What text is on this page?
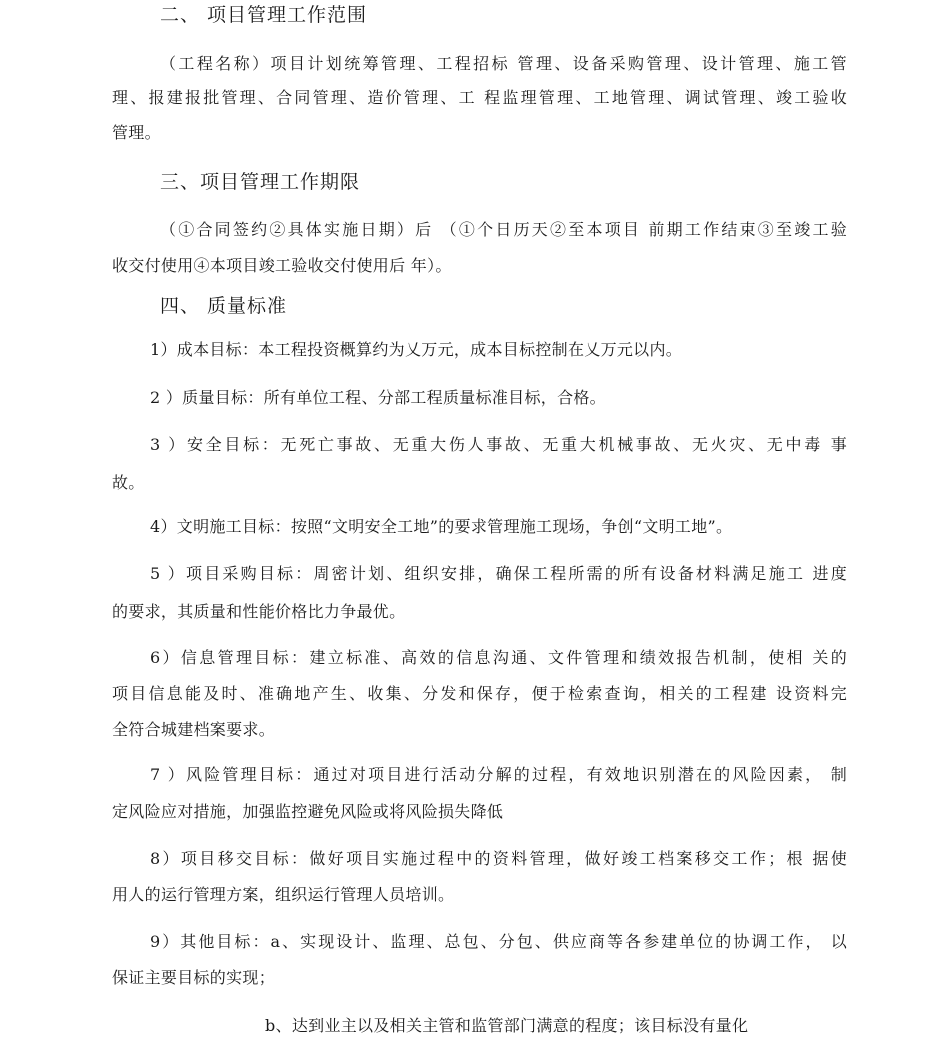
二、 项目管理工作范围
（工程名称）项目计划统筹管理、工程招标 管理、设备采购管理、设计管理、施工管
理、报建报批管理、合同管理、造价管理、工 程监理管理、工地管理、调试管理、竣工验收
管理。
三、项目管理工作期限
（①合同签约②具体实施日期）后 （①个日历天②至本项目 前期工作结束③至竣工验
收交付使用④本项目竣工验收交付使用后 年）。
四、 质量标准
1）成本目标：本工程投资概算约为乂万元，成本目标控制在乂万元以内。
2 ）质量目标：所有单位工程、分部工程质量标准目标，合格。
3 ）安全目标：无死亡事故、无重大伤人事故、无重大机械事故、无火灾、无中毒 事
故。
4）文明施工目标：按照“文明安全工地”的要求管理施工现场，争创“文明工地”。
5 ）项目采购目标：周密计划、组织安排，确保工程所需的所有设备材料满足施工 进度
的要求，其质量和性能价格比力争最优。
6）信息管理目标：建立标准、高效的信息沟通、文件管理和绩效报告机制，使相 关的
项目信息能及时、准确地产生、收集、分发和保存，便于检索查询，相关的工程建 设资料完
全符合城建档案要求。
7 ）风险管理目标：通过对项目进行活动分解的过程，有效地识别潜在的风险因素， 制
定风险应对措施，加强监控避免风险或将风险损失降低
8）项目移交目标：做好项目实施过程中的资料管理，做好竣工档案移交工作；根 据使
用人的运行管理方案，组织运行管理人员培训。
9）其他目标：a、实现设计、监理、总包、分包、供应商等各参建单位的协调工作， 以
保证主要目标的实现；
b、达到业主以及相关主管和监管部门满意的程度；该目标没有量化
